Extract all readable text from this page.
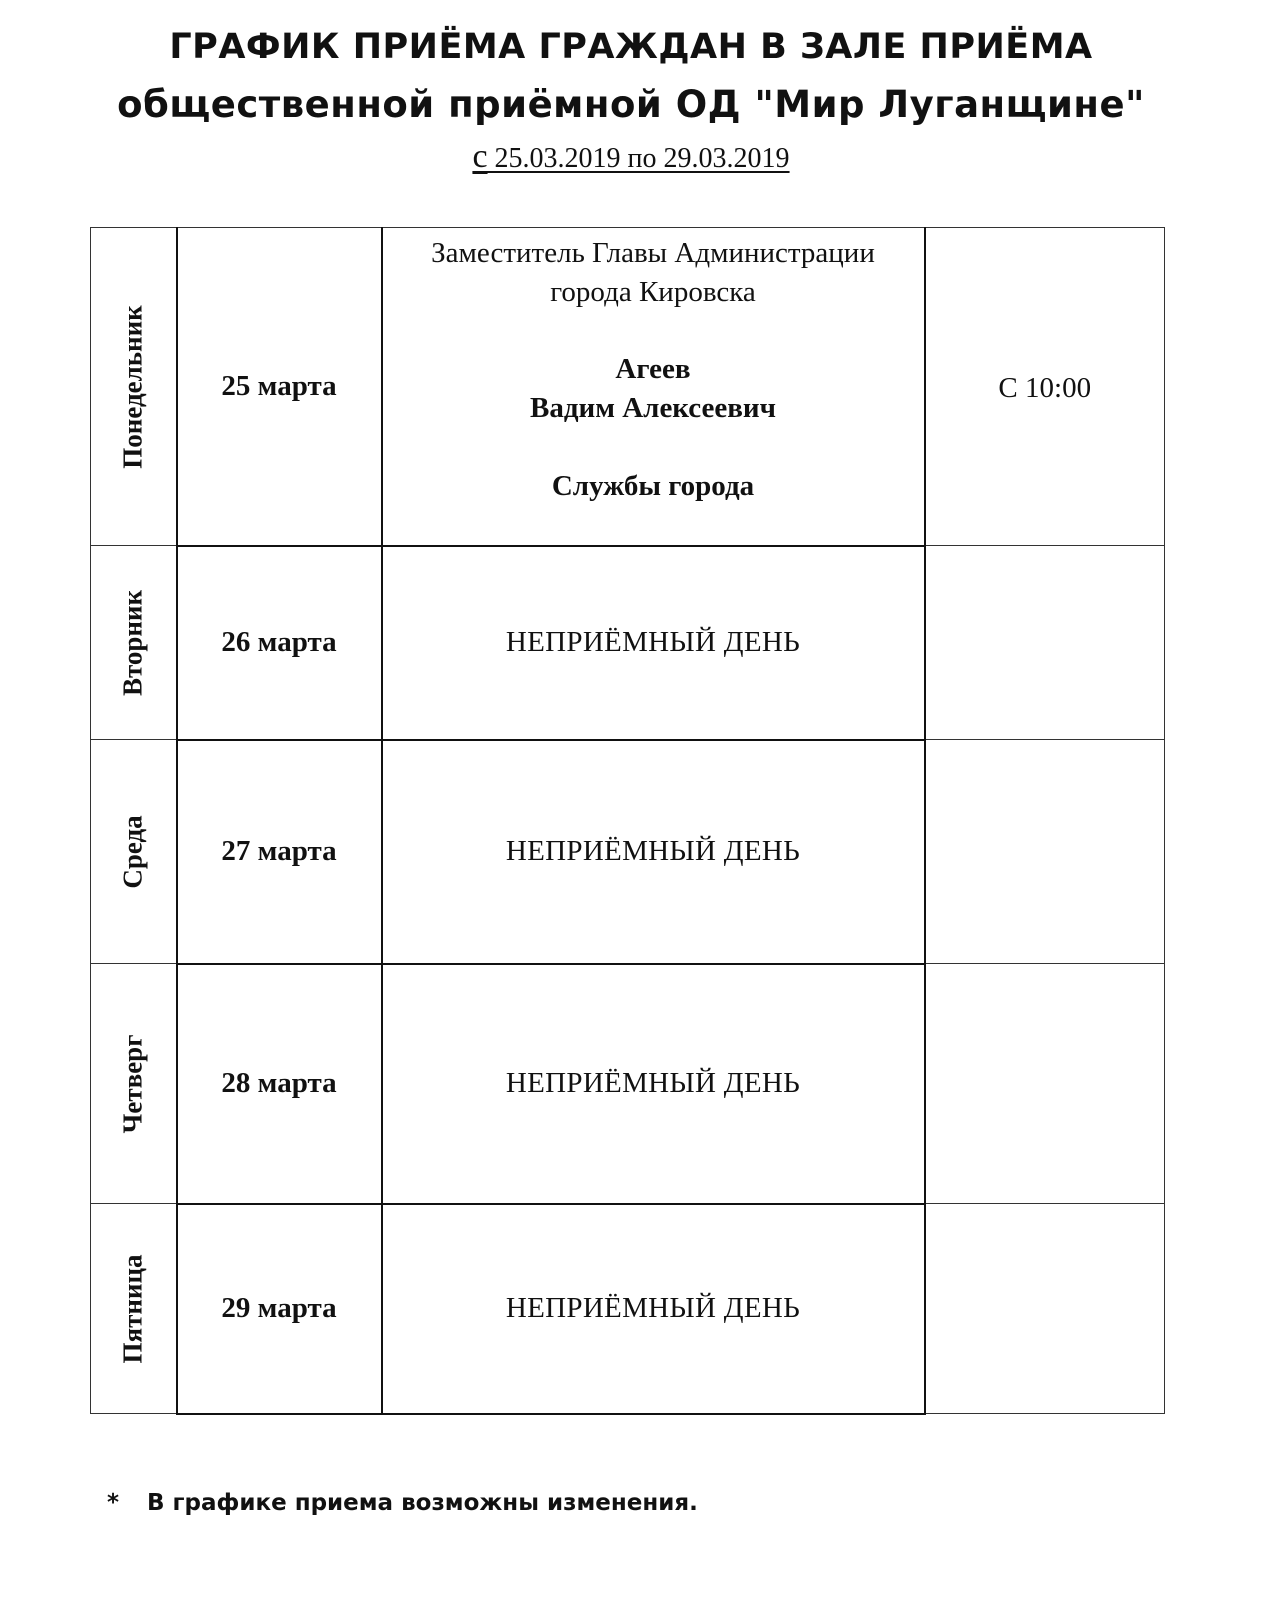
ГРАФИК ПРИЁМА ГРАЖДАН В ЗАЛЕ ПРИЁМА
общественной приёмной ОД "Мир Луганщине"
с 25.03.2019 по 29.03.2019
Понедельник	25 марта	Заместитель Главы Администрации
города Кировска
Агеев
Вадим Алексеевич
Службы города	С 10:00

Вторник	26 марта	НЕПРИЁМНЫЙ ДЕНЬ	

Среда	27 марта	НЕПРИЁМНЫЙ ДЕНЬ	

Четверг	28 марта	НЕПРИЁМНЫЙ ДЕНЬ	

Пятница	29 марта	НЕПРИЁМНЫЙ ДЕНЬ	
* В графике приема возможны изменения.
